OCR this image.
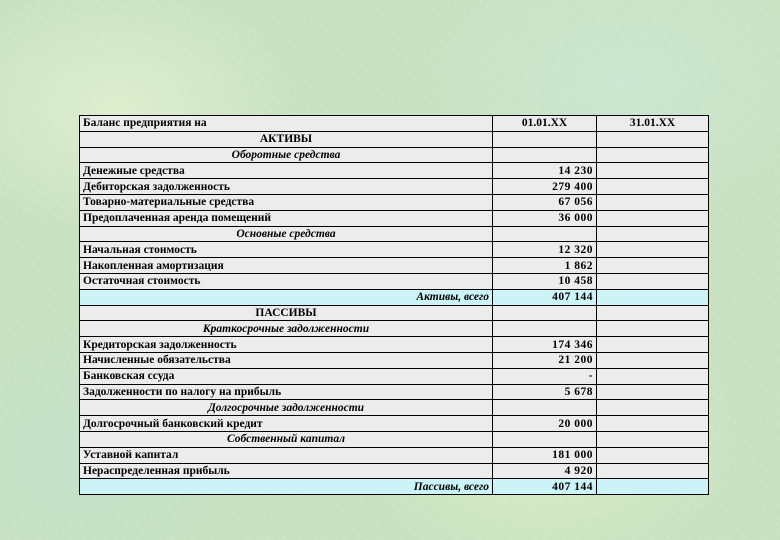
Баланс предприятия на	01.01.XX	31.01.XX
АКТИВЫ		
Оборотные средства		
Денежные средства	14 230	
Дебиторская задолженность	279 400	
Товарно-материальные средства	67 056	
Предоплаченная аренда помещений	36 000	
Основные средства		
Начальная стоимость	12 320	
Накопленная амортизация	1 862	
Остаточная стоимость	10 458	
Активы, всего	407 144	
ПАССИВЫ		
Краткосрочные задолженности		
Кредиторская задолженность	174 346	
Начисленные обязательства	21 200	
Банковская ссуда	-	
Задолженности по налогу на прибыль	5 678	
Долгосрочные задолженности		
Долгосрочный банковский кредит	20 000	
Собственный капитал		
Уставной капитал	181 000	
Нераспределенная прибыль	4 920	
Пассивы, всего	407 144	
